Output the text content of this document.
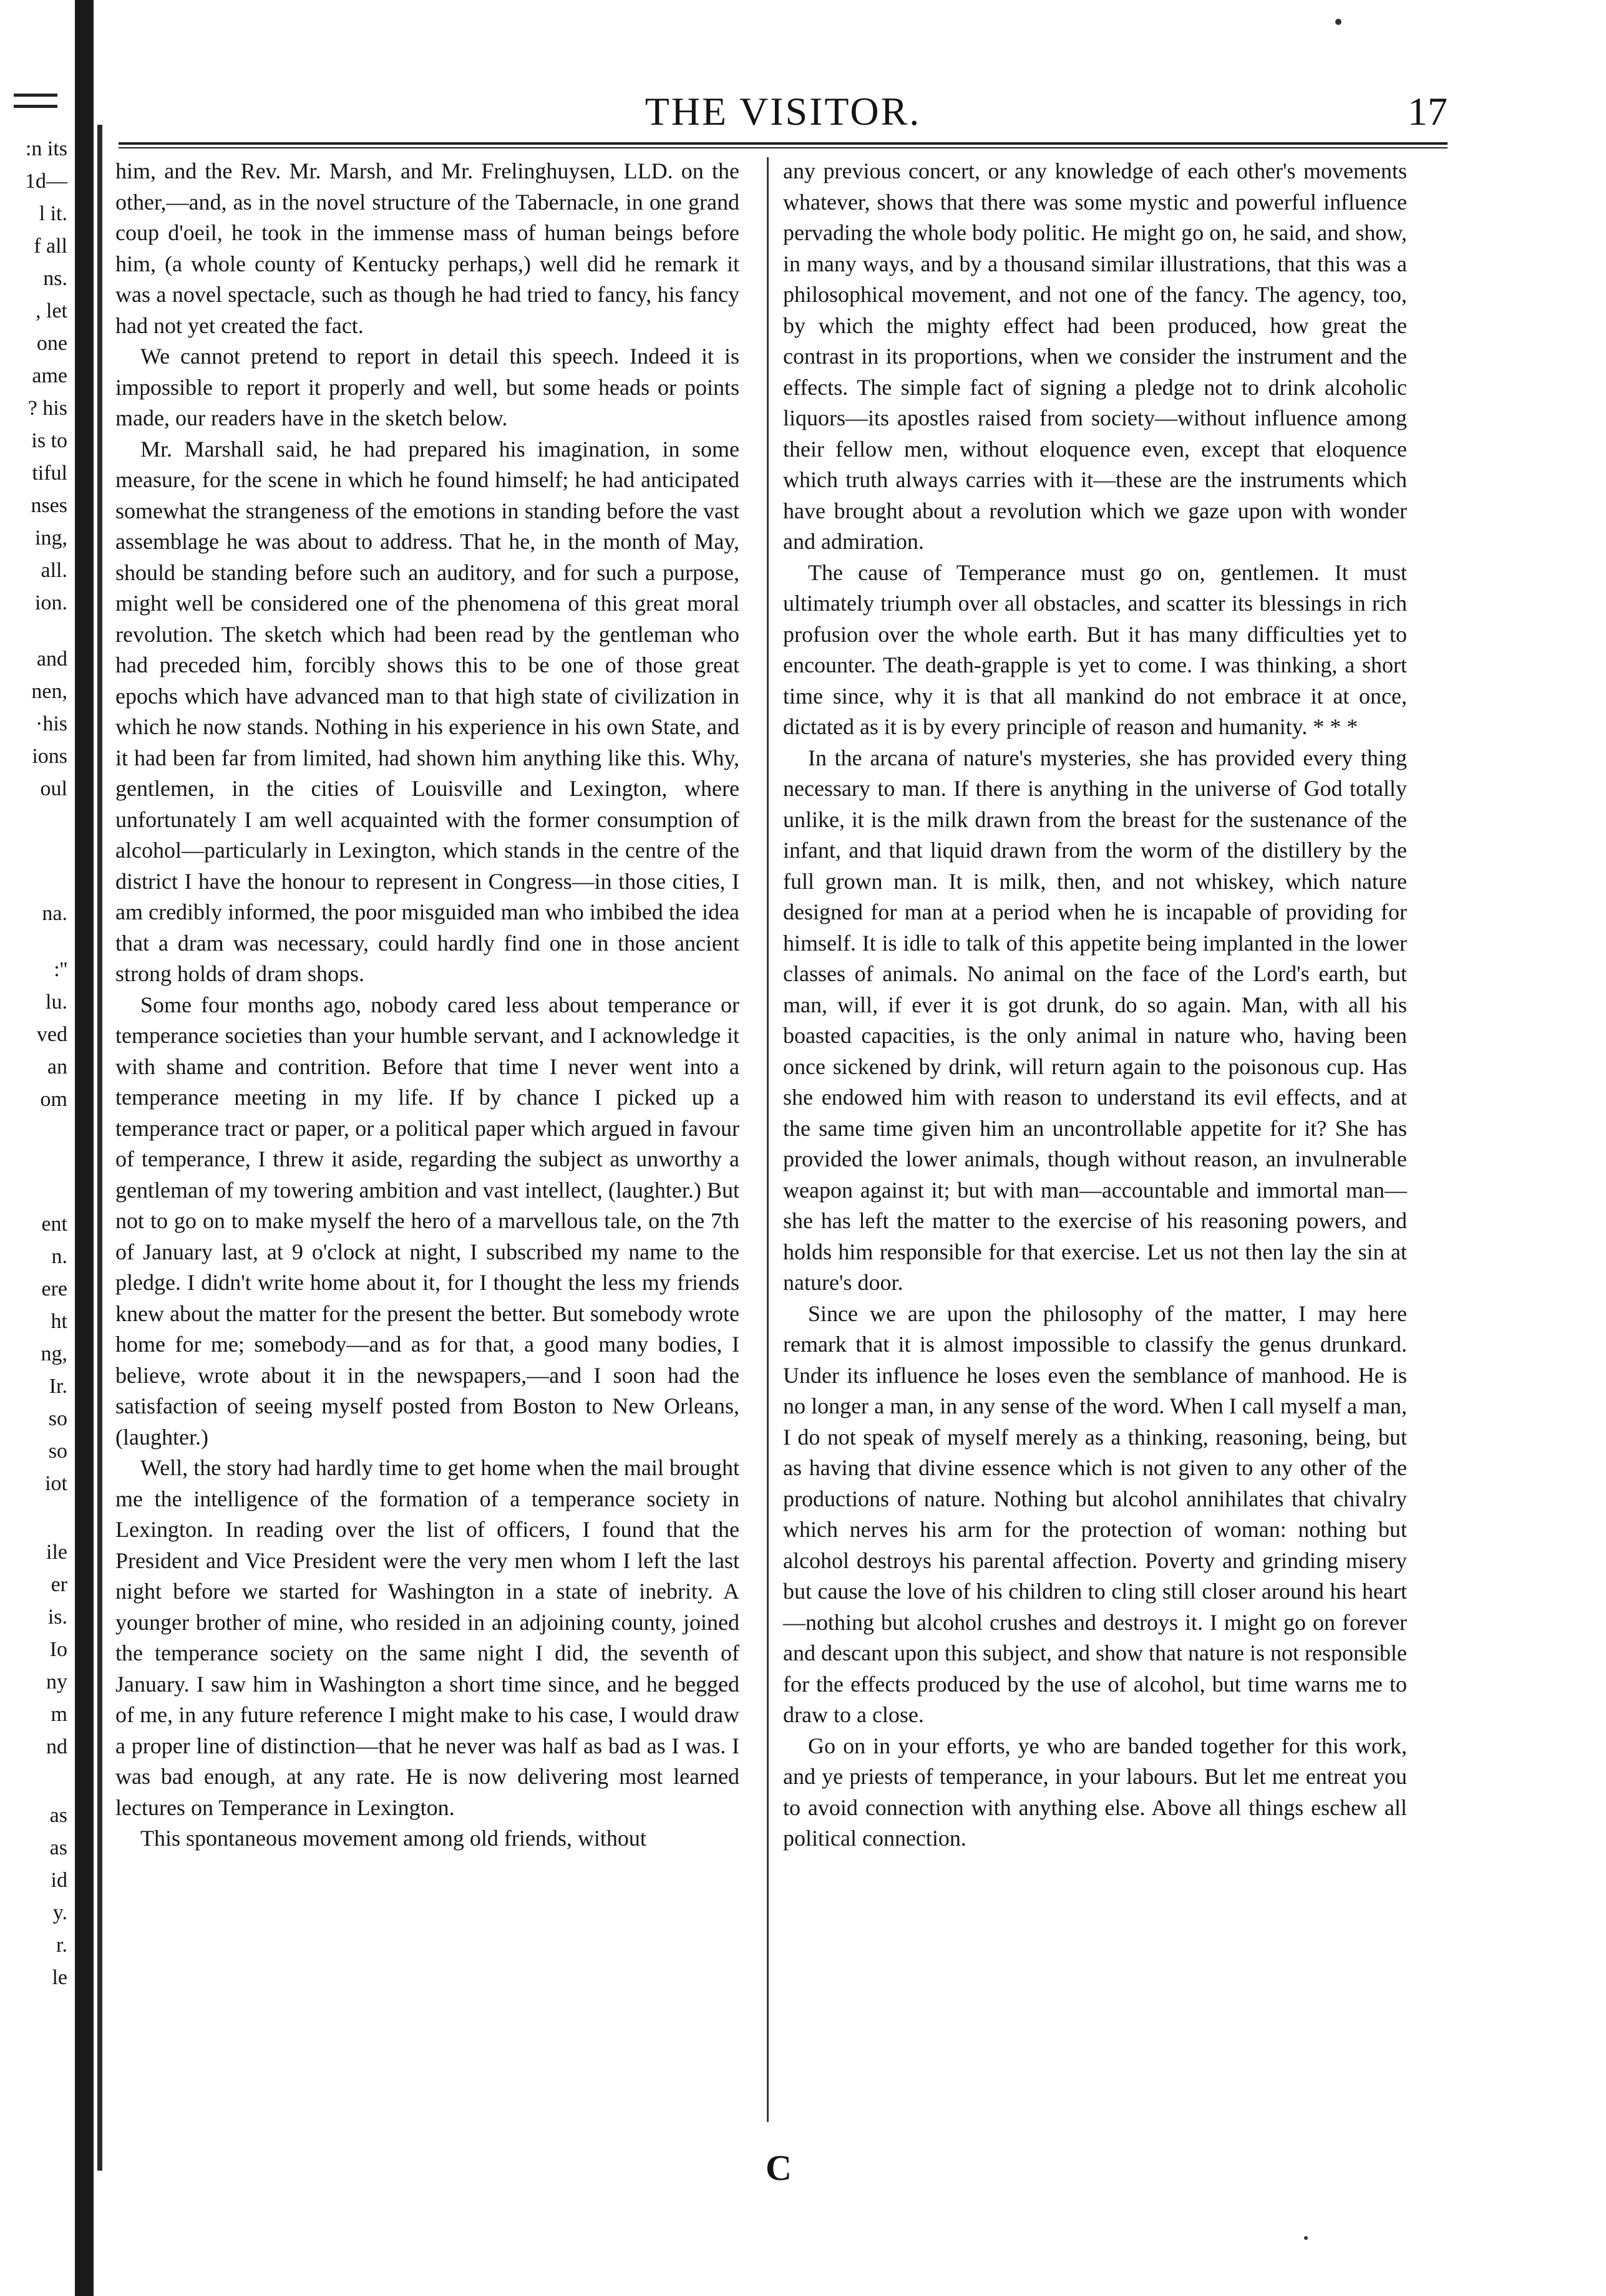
:n its
1d—
l it.
f all
ns.
, let
one
ame
? his
is to
tiful
nses
ing,
all.
ion.
and
nen,
·his
ions
oul
na.
:''
lu.
ved
an
om
ent
n.
ere
ht
ng,
Ir.
so
so
iot
ile
er
is.
Io
ny
m
nd
as
as
id
y.
r.
le
THE VISITOR.	17

him, and the Rev. Mr. Marsh, and Mr. Frelinghuysen, LLD. on the other,—and, as in the novel structure of the Tabernacle, in one grand coup d'oeil, he took in the immense mass of human beings before him, (a whole county of Kentucky perhaps,) well did he remark it was a novel spectacle, such as though he had tried to fancy, his fancy had not yet created the fact.

We cannot pretend to report in detail this speech. Indeed it is impossible to report it properly and well, but some heads or points made, our readers have in the sketch below.

Mr. Marshall said, he had prepared his imagination, in some measure, for the scene in which he found himself; he had anticipated somewhat the strangeness of the emotions in standing before the vast assemblage he was about to address. That he, in the month of May, should be standing before such an auditory, and for such a purpose, might well be considered one of the phenomena of this great moral revolution. The sketch which had been read by the gentleman who had preceded him, forcibly shows this to be one of those great epochs which have advanced man to that high state of civilization in which he now stands. Nothing in his experience in his own State, and it had been far from limited, had shown him anything like this. Why, gentlemen, in the cities of Louisville and Lexington, where unfortunately I am well acquainted with the former consumption of alcohol—particularly in Lexington, which stands in the centre of the district I have the honour to represent in Congress—in those cities, I am credibly informed, the poor misguided man who imbibed the idea that a dram was necessary, could hardly find one in those ancient strong holds of dram shops.

Some four months ago, nobody cared less about temperance or temperance societies than your humble servant, and I acknowledge it with shame and contrition. Before that time I never went into a temperance meeting in my life. If by chance I picked up a temperance tract or paper, or a political paper which argued in favour of temperance, I threw it aside, regarding the subject as unworthy a gentleman of my towering ambition and vast intellect, (laughter.) But not to go on to make myself the hero of a marvellous tale, on the 7th of January last, at 9 o'clock at night, I subscribed my name to the pledge. I didn't write home about it, for I thought the less my friends knew about the matter for the present the better. But somebody wrote home for me; somebody—and as for that, a good many bodies, I believe, wrote about it in the newspapers,—and I soon had the satisfaction of seeing myself posted from Boston to New Orleans, (laughter.)

Well, the story had hardly time to get home when the mail brought me the intelligence of the formation of a temperance society in Lexington. In reading over the list of officers, I found that the President and Vice President were the very men whom I left the last night before we started for Washington in a state of inebrity. A younger brother of mine, who resided in an adjoining county, joined the temperance society on the same night I did, the seventh of January. I saw him in Washington a short time since, and he begged of me, in any future reference I might make to his case, I would draw a proper line of distinction—that he never was half as bad as I was. I was bad enough, at any rate. He is now delivering most learned lectures on Temperance in Lexington.

This spontaneous movement among old friends, without

any previous concert, or any knowledge of each other's movements whatever, shows that there was some mystic and powerful influence pervading the whole body politic. He might go on, he said, and show, in many ways, and by a thousand similar illustrations, that this was a philosophical movement, and not one of the fancy. The agency, too, by which the mighty effect had been produced, how great the contrast in its proportions, when we consider the instrument and the effects. The simple fact of signing a pledge not to drink alcoholic liquors—its apostles raised from society—without influence among their fellow men, without eloquence even, except that eloquence which truth always carries with it—these are the instruments which have brought about a revolution which we gaze upon with wonder and admiration.

The cause of Temperance must go on, gentlemen. It must ultimately triumph over all obstacles, and scatter its blessings in rich profusion over the whole earth. But it has many difficulties yet to encounter. The death-grapple is yet to come. I was thinking, a short time since, why it is that all mankind do not embrace it at once, dictated as it is by every principle of reason and humanity. * * *

In the arcana of nature's mysteries, she has provided every thing necessary to man. If there is anything in the universe of God totally unlike, it is the milk drawn from the breast for the sustenance of the infant, and that liquid drawn from the worm of the distillery by the full grown man. It is milk, then, and not whiskey, which nature designed for man at a period when he is incapable of providing for himself. It is idle to talk of this appetite being implanted in the lower classes of animals. No animal on the face of the Lord's earth, but man, will, if ever it is got drunk, do so again. Man, with all his boasted capacities, is the only animal in nature who, having been once sickened by drink, will return again to the poisonous cup. Has she endowed him with reason to understand its evil effects, and at the same time given him an uncontrollable appetite for it? She has provided the lower animals, though without reason, an invulnerable weapon against it; but with man—accountable and immortal man—she has left the matter to the exercise of his reasoning powers, and holds him responsible for that exercise. Let us not then lay the sin at nature's door.

Since we are upon the philosophy of the matter, I may here remark that it is almost impossible to classify the genus drunkard. Under its influence he loses even the semblance of manhood. He is no longer a man, in any sense of the word. When I call myself a man, I do not speak of myself merely as a thinking, reasoning, being, but as having that divine essence which is not given to any other of the productions of nature. Nothing but alcohol annihilates that chivalry which nerves his arm for the protection of woman: nothing but alcohol destroys his parental affection. Poverty and grinding misery but cause the love of his children to cling still closer around his heart—nothing but alcohol crushes and destroys it. I might go on forever and descant upon this subject, and show that nature is not responsible for the effects produced by the use of alcohol, but time warns me to draw to a close.

Go on in your efforts, ye who are banded together for this work, and ye priests of temperance, in your labours. But let me entreat you to avoid connection with anything else. Above all things eschew all political connection.

C
